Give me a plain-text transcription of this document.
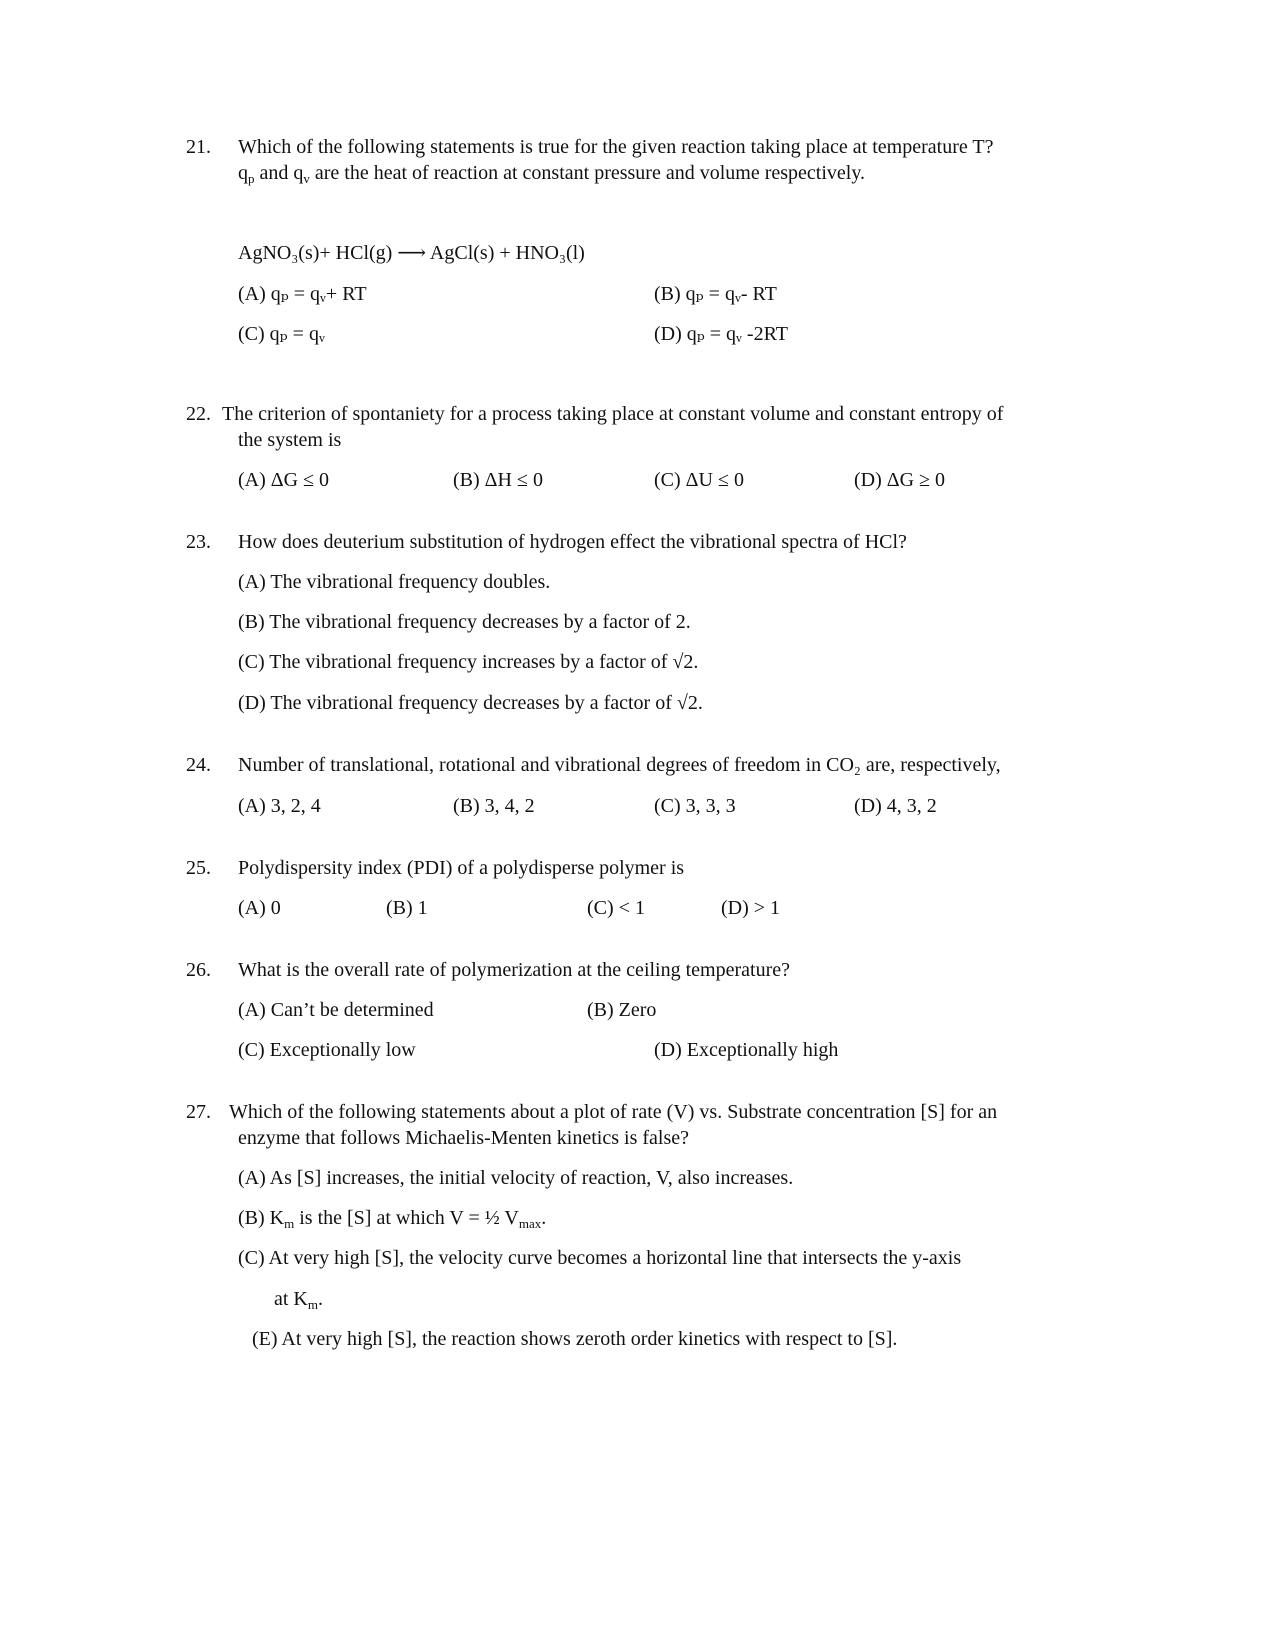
21. Which of the following statements is true for the given reaction taking place at temperature T?
$q_p$ and $q_v$ are the heat of reaction at constant pressure and volume respectively.
AgNO₃(s)+ HCl(g) ⟶ AgCl(s) + HNO₃(l)
(A) qₚ = qᵥ+ RT	(B) qₚ = qᵥ- RT
(C) qₚ = qᵥ	(D) qₚ = qᵥ -2RT
22. The criterion of spontaniety for a process taking place at constant volume and constant entropy of
the system is
(A) ΔG ≤ 0	(B) ΔH ≤ 0	(C) ΔU ≤ 0	(D) ΔG ≥ 0
23. How does deuterium substitution of hydrogen effect the vibrational spectra of HCl?
(A) The vibrational frequency doubles.
(B) The vibrational frequency decreases by a factor of 2.
(C) The vibrational frequency increases by a factor of √2.
(D) The vibrational frequency decreases by a factor of √2.
24. Number of translational, rotational and vibrational degrees of freedom in CO₂ are, respectively,
(A) 3, 2, 4	(B) 3, 4, 2	(C) 3, 3, 3	(D) 4, 3, 2
25. Polydispersity index (PDI) of a polydisperse polymer is
(A) 0	(B) 1	(C) < 1	(D) > 1
26. What is the overall rate of polymerization at the ceiling temperature?
(A) Can’t be determined	(B) Zero
(C) Exceptionally low	(D) Exceptionally high
27. Which of the following statements about a plot of rate (V) vs. Substrate concentration [S] for an
enzyme that follows Michaelis-Menten kinetics is false?
(A) As [S] increases, the initial velocity of reaction, V, also increases.
(B) $K_m$ is the [S] at which V = ½ $V_{max}$.
(C) At very high [S], the velocity curve becomes a horizontal line that intersects the y-axis
at $K_m$.
(E) At very high [S], the reaction shows zeroth order kinetics with respect to [S].
